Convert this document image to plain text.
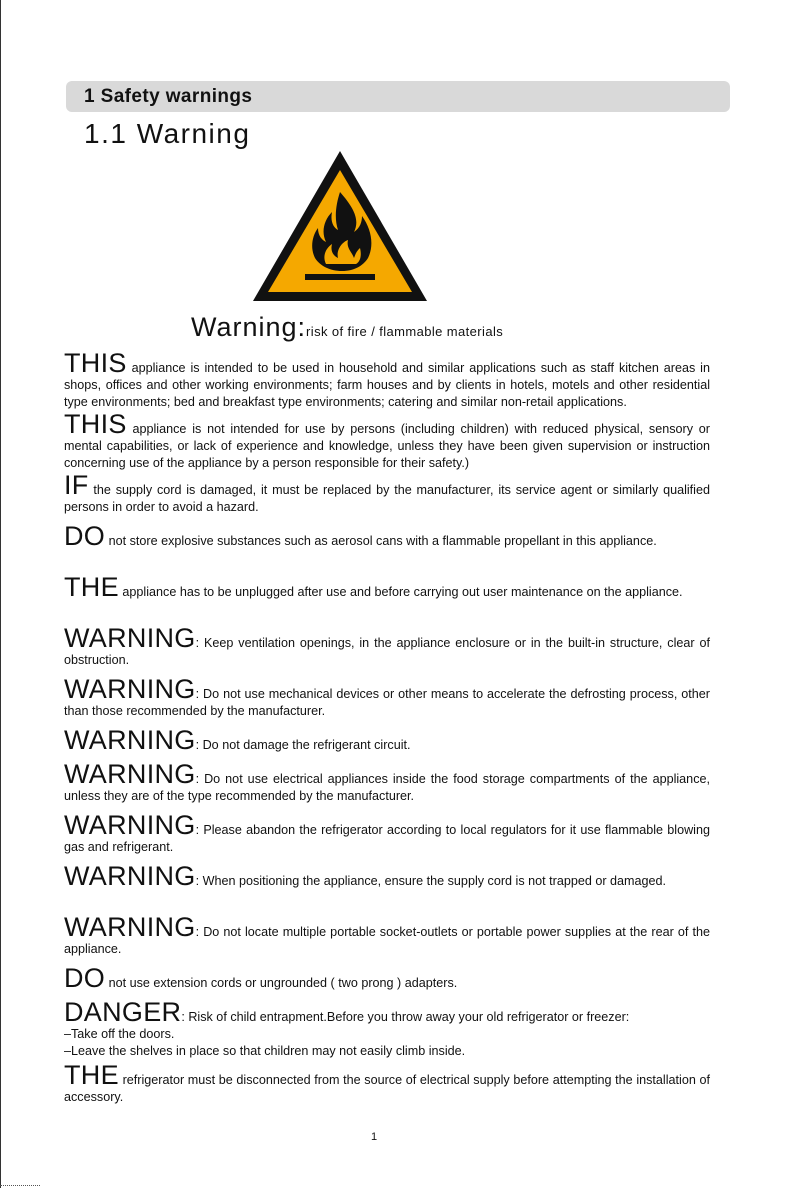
1 Safety warnings
1.1 Warning
Warning:risk of fire / flammable materials

THIS appliance is intended to be used in household and similar applications such as staff kitchen areas in shops, offices and other working environments; farm houses and by clients in hotels, motels and other residential type environments; bed and breakfast type environments; catering and similar non-retail applications.

THIS appliance is not intended for use by persons (including children) with reduced physical, sensory or mental capabilities, or lack of experience and knowledge, unless they have been given supervision or instruction concerning use of the appliance by a person responsible for their safety.)

IF the supply cord is damaged, it must be replaced by the manufacturer, its service agent or similarly qualified persons in order to avoid a hazard.

DO not store explosive substances such as aerosol cans with a flammable propellant in this appliance.

THE appliance has to be unplugged after use and before carrying out user maintenance on the appliance.

WARNING: Keep ventilation openings, in the appliance enclosure or in the built-in structure, clear of obstruction.

WARNING: Do not use mechanical devices or other means to accelerate the defrosting process, other than those recommended by the manufacturer.

WARNING: Do not damage the refrigerant circuit.

WARNING: Do not use electrical appliances inside the food storage compartments of the appliance, unless they are of the type recommended by the manufacturer.

WARNING: Please abandon the refrigerator according to local regulators for it use flammable blowing gas and refrigerant.

WARNING: When positioning the appliance, ensure the supply cord is not trapped or damaged.

WARNING: Do not locate multiple portable socket-outlets or portable power supplies at the rear of the appliance.

DO not use extension cords or ungrounded ( two prong ) adapters.

DANGER: Risk of child entrapment.Before you throw away your old refrigerator or freezer:

–Take off the doors.

–Leave the shelves in place so that children may not easily climb inside.

THE refrigerator must be disconnected from the source of electrical supply before attempting the installation of accessory.

1
